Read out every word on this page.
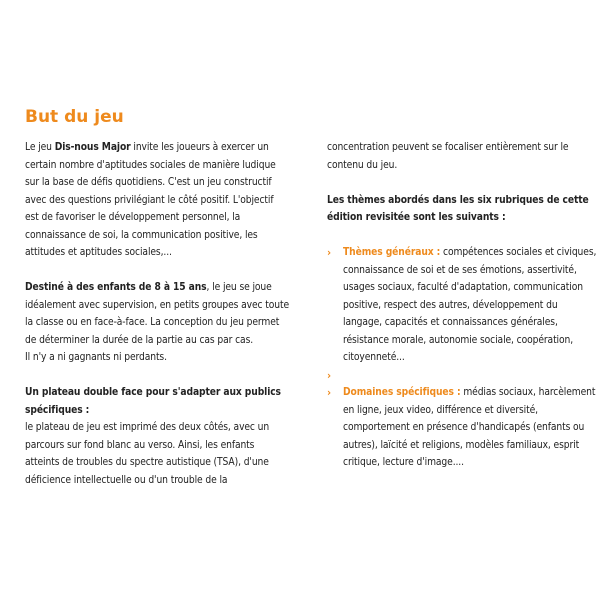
But du jeu

Le jeu Dis-nous Major invite les joueurs à exercer un
certain nombre d'aptitudes sociales de manière ludique
sur la base de défis quotidiens. C'est un jeu constructif
avec des questions privilégiant le côté positif. L'objectif
est de favoriser le développement personnel, la
connaissance de soi, la communication positive, les
attitudes et aptitudes sociales,...

Destiné à des enfants de 8 à 15 ans, le jeu se joue
idéalement avec supervision, en petits groupes avec toute
la classe ou en face-à-face. La conception du jeu permet
de déterminer la durée de la partie au cas par cas.
Il n'y a ni gagnants ni perdants.

Un plateau double face pour s'adapter aux publics
spécifiques :
le plateau de jeu est imprimé des deux côtés, avec un
parcours sur fond blanc au verso. Ainsi, les enfants
atteints de troubles du spectre autistique (TSA), d'une
déficience intellectuelle ou d'un trouble de la

concentration peuvent se focaliser entièrement sur le
contenu du jeu.

Les thèmes abordés dans les six rubriques de cette
édition revisitée sont les suivants :

› Thèmes généraux : compétences sociales et civiques,
connaissance de soi et de ses émotions, assertivité,
usages sociaux, faculté d'adaptation, communication
positive, respect des autres, développement du
langage, capacités et connaissances générales,
résistance morale, autonomie sociale, coopération,
citoyenneté...
›

› Domaines spécifiques : médias sociaux, harcèlement
en ligne, jeux video, différence et diversité,
comportement en présence d'handicapés (enfants ou
autres), laïcité et religions, modèles familiaux, esprit
critique, lecture d'image....
